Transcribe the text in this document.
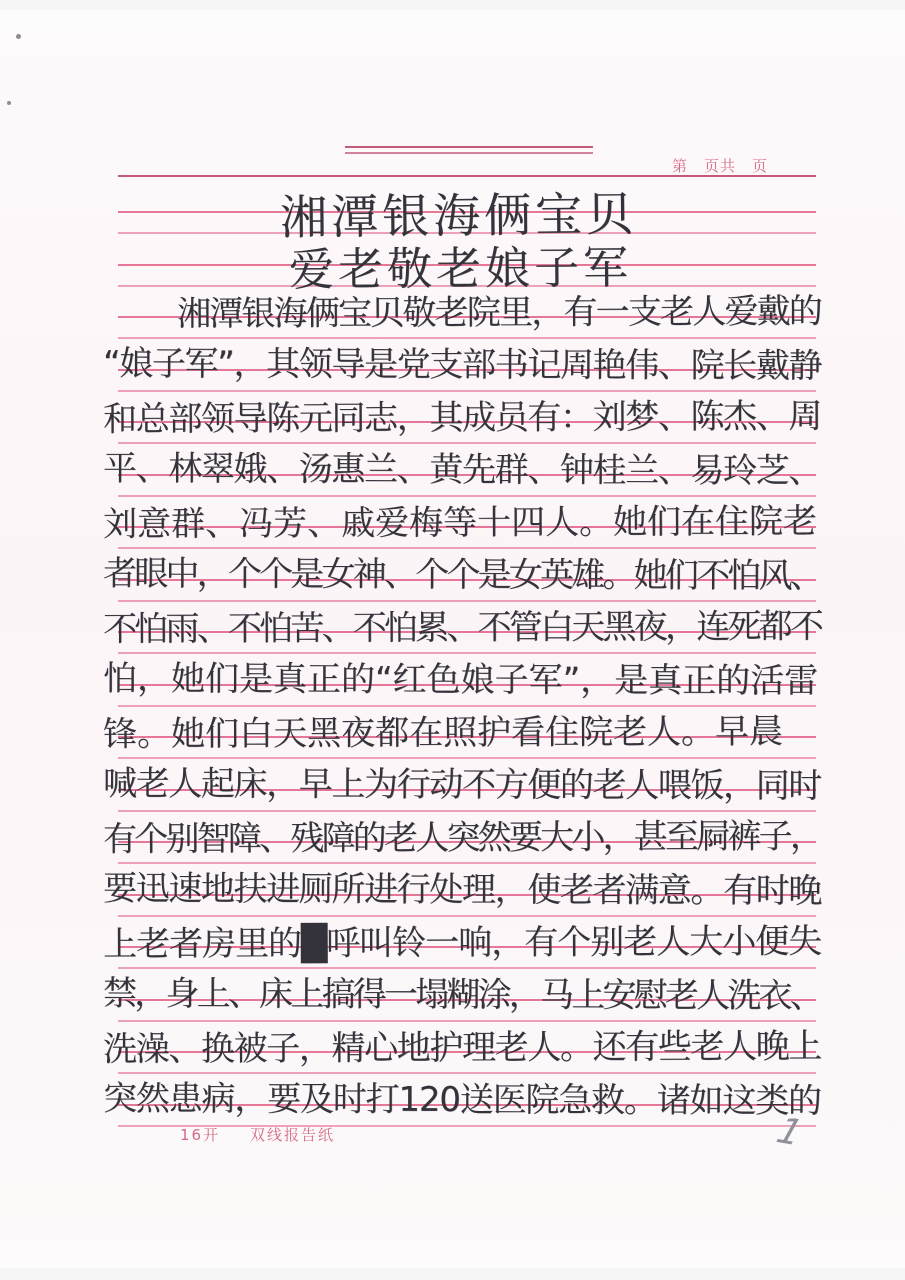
第　页共　页
湘潭银海俩宝贝
爱老敬老娘子军
湘潭银海俩宝贝敬老院里，有一支老人爱戴的
“娘子军”，其领导是党支部书记周艳伟、院长戴静
和总部领导陈元同志，其成员有：刘梦、陈杰、周
平、林翠娥、汤惠兰、黄先群、钟桂兰、易玲芝、
刘意群、冯芳、戚爱梅等十四人。她们在住院老
者眼中，个个是女神、个个是女英雄。她们不怕风、
不怕雨、不怕苦、不怕累、不管白天黑夜，连死都不
怕，她们是真正的“红色娘子军”，是真正的活雷
锋。她们白天黑夜都在照护看住院老人。早晨
喊老人起床，早上为行动不方便的老人喂饭，同时
有个别智障、残障的老人突然要大小，甚至屙裤子，
要迅速地扶进厕所进行处理，使老者满意。有时晚
上老者房里的█呼叫铃一响，有个别老人大小便失
禁，身上、床上搞得一塌糊涂，马上安慰老人洗衣、
洗澡、换被子，精心地护理老人。还有些老人晚上
突然患病，要及时打120送医院急救。诸如这类的
16开 双线报告纸	1
